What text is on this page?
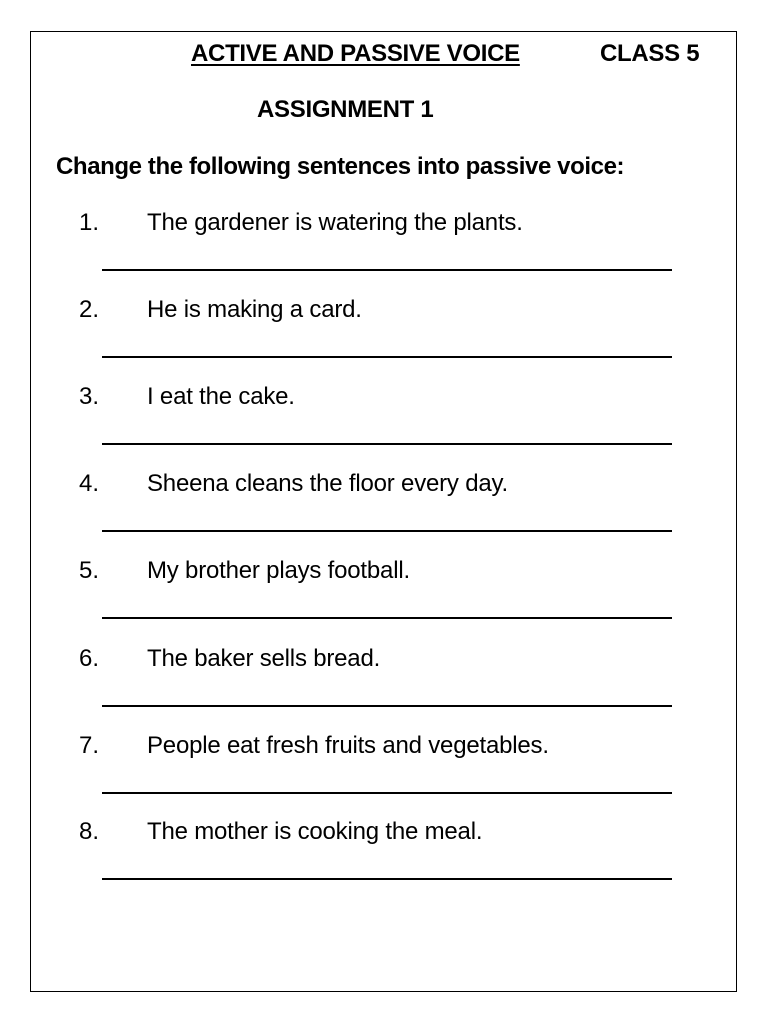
ACTIVE AND PASSIVE VOICE	CLASS 5
ASSIGNMENT 1
Change the following sentences into passive voice:
1. The gardener is watering the plants.
2. He is making a card.
3. I eat the cake.
4. Sheena cleans the floor every day.
5. My brother plays football.
6. The baker sells bread.
7. People eat fresh fruits and vegetables.
8. The mother is cooking the meal.
